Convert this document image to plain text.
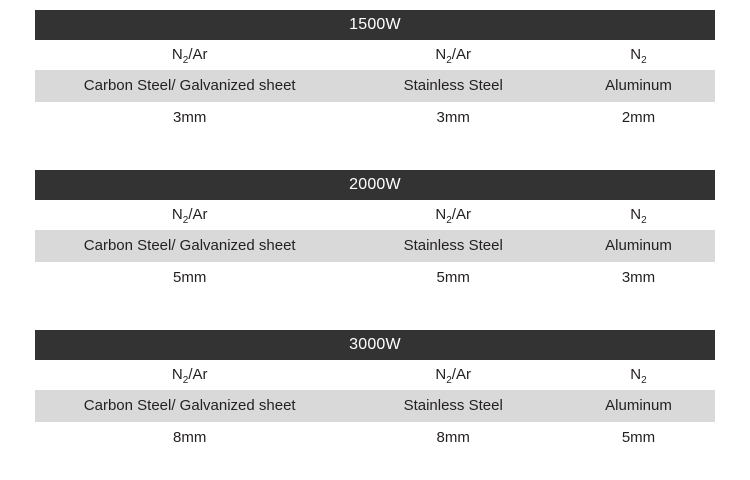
1500W
$N_2/Ar$	$N_2/Ar$	$N_2$
Carbon Steel/ Galvanized sheet	Stainless Steel	Aluminum
3mm	3mm	2mm
2000W
$N_2/Ar$	$N_2/Ar$	$N_2$
Carbon Steel/ Galvanized sheet	Stainless Steel	Aluminum
5mm	5mm	3mm
3000W
$N_2/Ar$	$N_2/Ar$	$N_2$
Carbon Steel/ Galvanized sheet	Stainless Steel	Aluminum
8mm	8mm	5mm
